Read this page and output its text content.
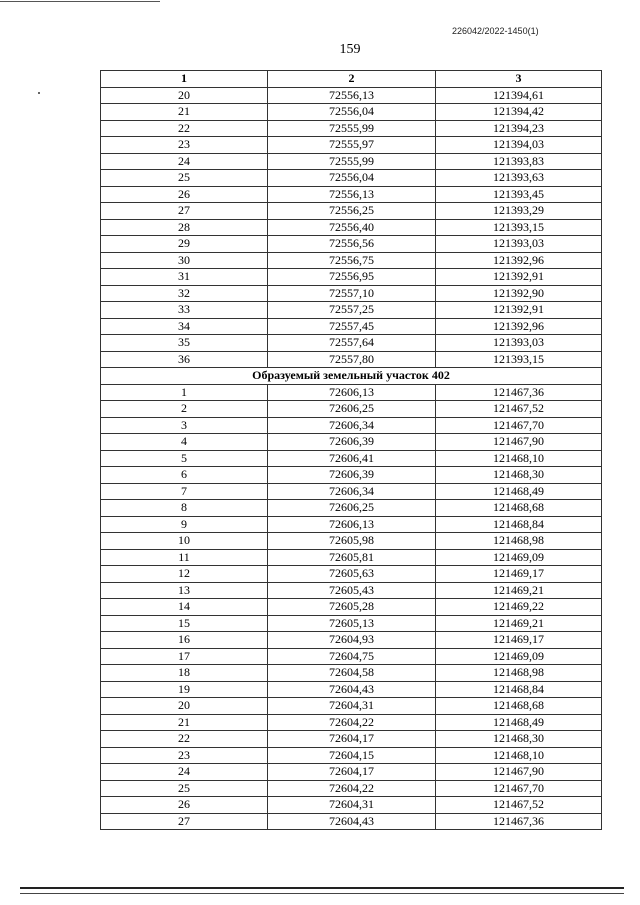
226042/2022-1450(1)
159
1	2	3
20	72556,13	121394,61
21	72556,04	121394,42
22	72555,99	121394,23
23	72555,97	121394,03
24	72555,99	121393,83
25	72556,04	121393,63
26	72556,13	121393,45
27	72556,25	121393,29
28	72556,40	121393,15
29	72556,56	121393,03
30	72556,75	121392,96
31	72556,95	121392,91
32	72557,10	121392,90
33	72557,25	121392,91
34	72557,45	121392,96
35	72557,64	121393,03
36	72557,80	121393,15
Образуемый земельный участок 402		
1	72606,13	121467,36
2	72606,25	121467,52
3	72606,34	121467,70
4	72606,39	121467,90
5	72606,41	121468,10
6	72606,39	121468,30
7	72606,34	121468,49
8	72606,25	121468,68
9	72606,13	121468,84
10	72605,98	121468,98
11	72605,81	121469,09
12	72605,63	121469,17
13	72605,43	121469,21
14	72605,28	121469,22
15	72605,13	121469,21
16	72604,93	121469,17
17	72604,75	121469,09
18	72604,58	121468,98
19	72604,43	121468,84
20	72604,31	121468,68
21	72604,22	121468,49
22	72604,17	121468,30
23	72604,15	121468,10
24	72604,17	121467,90
25	72604,22	121467,70
26	72604,31	121467,52
27	72604,43	121467,36
